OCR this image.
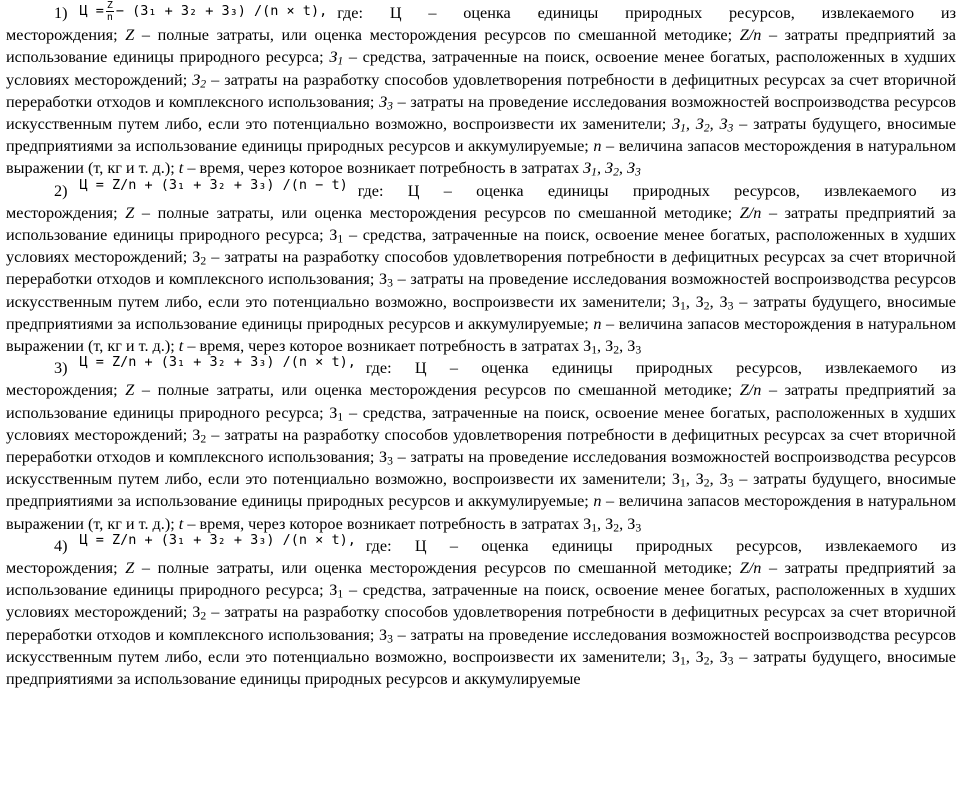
1) $Ц = \frac{Z}{n} - (З_1 + З_2 + З_3) /(n \times t)$, где: Ц – оценка единицы природных ресурсов, извлекаемого из

месторождения; Z – полные затраты, или оценка месторождения ресурсов по смешанной методике; Z/n – затраты предприятий за использование единицы природного ресурса; $З_1$ – средства, затраченные на поиск, освоение менее богатых, расположенных в худших условиях месторождений; $З_2$ – затраты на разработку способов удовлетворения потребности в дефицитных ресурсах за счет вторичной переработки отходов и комплексного использования; $З_3$ – затраты на проведение исследования возможностей воспроизводства ресурсов искусственным путем либо, если это потенциально возможно, воспроизвести их заменители; $З_1$, $З_2$, $З_3$ – затраты будущего, вносимые предприятиями за использование единицы природных ресурсов и аккумулируемые; n – величина запасов месторождения в натуральном выражении (т, кг и т. д.); t – время, через которое возникает потребность в затратах $З_1$, $З_2$, $З_3$

2) Ц = Z/n + (З₁ + З₂ + З₃) /(n − t) где: Ц – оценка единицы природных ресурсов, извлекаемого из

месторождения; Z – полные затраты, или оценка месторождения ресурсов по смешанной методике; Z/n – затраты предприятий за использование единицы природного ресурса; $З_1$ – средства, затраченные на поиск, освоение менее богатых, расположенных в худших условиях месторождений; $З_2$ – затраты на разработку способов удовлетворения потребности в дефицитных ресурсах за счет вторичной переработки отходов и комплексного использования; $З_3$ – затраты на проведение исследования возможностей воспроизводства ресурсов искусственным путем либо, если это потенциально возможно, воспроизвести их заменители; $З_1$, $З_2$, $З_3$ – затраты будущего, вносимые предприятиями за использование единицы природных ресурсов и аккумулируемые; n – величина запасов месторождения в натуральном выражении (т, кг и т. д.); t – время, через которое возникает потребность в затратах $З_1$, $З_2$, $З_3$

3) Ц = Z/n + (З₁ + З₂ + З₃) /(n × t), где: Ц – оценка единицы природных ресурсов, извлекаемого из

месторождения; Z – полные затраты, или оценка месторождения ресурсов по смешанной методике; Z/n – затраты предприятий за использование единицы природного ресурса; $З_1$ – средства, затраченные на поиск, освоение менее богатых, расположенных в худших условиях месторождений; $З_2$ – затраты на разработку способов удовлетворения потребности в дефицитных ресурсах за счет вторичной переработки отходов и комплексного использования; $З_3$ – затраты на проведение исследования возможностей воспроизводства ресурсов искусственным путем либо, если это потенциально возможно, воспроизвести их заменители; $З_1$, $З_2$, $З_3$ – затраты будущего, вносимые предприятиями за использование единицы природных ресурсов и аккумулируемые; n – величина запасов месторождения в натуральном выражении (т, кг и т. д.); t – время, через которое возникает потребность в затратах $З_1$, $З_2$, $З_3$

4) Ц = Z/n + (З₁ + З₂ + З₃) /(n × t), где: Ц – оценка единицы природных ресурсов, извлекаемого из

месторождения; Z – полные затраты, или оценка месторождения ресурсов по смешанной методике; Z/n – затраты предприятий за использование единицы природного ресурса; $З_1$ – средства, затраченные на поиск, освоение менее богатых, расположенных в худших условиях месторождений; $З_2$ – затраты на разработку способов удовлетворения потребности в дефицитных ресурсах за счет вторичной переработки отходов и комплексного использования; $З_3$ – затраты на проведение исследования возможностей воспроизводства ресурсов искусственным путем либо, если это потенциально возможно, воспроизвести их заменители; $З_1$, $З_2$, $З_3$ – затраты будущего, вносимые предприятиями за использование единицы природных ресурсов и аккумулируемые
